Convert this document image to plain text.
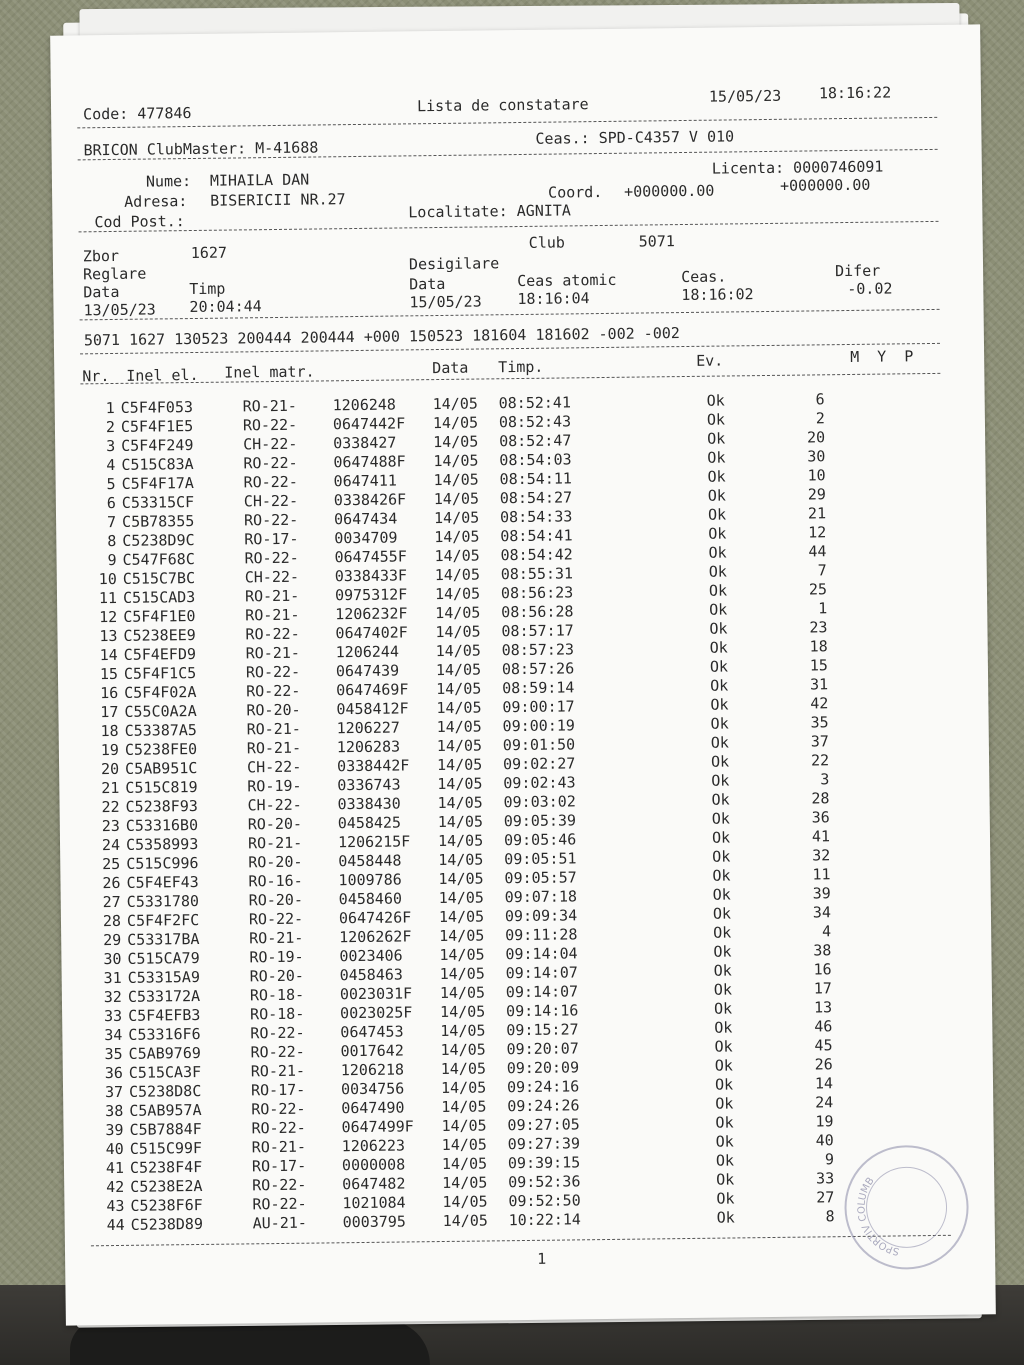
Code: 477846	Lista de constatare	15/05/23	18:16:22
BRICON ClubMaster: M-41688
Ceas.: SPD-C4357 V 010
Nume: MIHAILA DAN
Adresa: BISERICII NR.27
Cod Post.:
Licenta: 0000746091
Coord. +000000.00	+000000.00
Localitate: AGNITA
Zbor	1627
Club	5071
Reglare
Desigilare
Data	Timp	Data	Ceas atomic	Ceas.	Difer
13/05/23 20:04:44	15/05/23 18:16:04	18:16:02	-0.02
5071 1627 130523 200444 200444 +000 150523 181604 181602 -002 -002
Nr. Inel el. Inel matr.	Data Timp.	Ev.	M  Y  P
1 C5F4F053	RO-21- 1206248 14/05 08:52:41	Ok	6
2 C5F4F1E5	RO-22- 0647442F 14/05 08:52:43	Ok	2
3 C5F4F249	CH-22- 0338427 14/05 08:52:47	Ok	20
4 C515C83A	RO-22- 0647488F 14/05 08:54:03	Ok	30
5 C5F4F17A	RO-22- 0647411 14/05 08:54:11	Ok	10
6 C53315CF	CH-22- 0338426F 14/05 08:54:27	Ok	29
7 C5B78355	RO-22- 0647434 14/05 08:54:33	Ok	21
8 C5238D9C	RO-17- 0034709 14/05 08:54:41	Ok	12
9 C547F68C	RO-22- 0647455F 14/05 08:54:42	Ok	44
10 C515C7BC	CH-22- 0338433F 14/05 08:55:31	Ok	7
11 C515CAD3	RO-21- 0975312F 14/05 08:56:23	Ok	25
12 C5F4F1E0	RO-21- 1206232F 14/05 08:56:28	Ok	1
13 C5238EE9	RO-22- 0647402F 14/05 08:57:17	Ok	23
14 C5F4EFD9	RO-21- 1206244 14/05 08:57:23	Ok	18
15 C5F4F1C5	RO-22- 0647439 14/05 08:57:26	Ok	15
16 C5F4F02A	RO-22- 0647469F 14/05 08:59:14	Ok	31
17 C55C0A2A	RO-20- 0458412F 14/05 09:00:17	Ok	42
18 C53387A5	RO-21- 1206227 14/05 09:00:19	Ok	35
19 C5238FE0	RO-21- 1206283 14/05 09:01:50	Ok	37
20 C5AB951C	CH-22- 0338442F 14/05 09:02:27	Ok	22
21 C515C819	RO-19- 0336743 14/05 09:02:43	Ok	3
22 C5238F93	CH-22- 0338430 14/05 09:03:02	Ok	28
23 C53316B0	RO-20- 0458425 14/05 09:05:39	Ok	36
24 C5358993	RO-21- 1206215F 14/05 09:05:46	Ok	41
25 C515C996	RO-20- 0458448 14/05 09:05:51	Ok	32
26 C5F4EF43	RO-16- 1009786 14/05 09:05:57	Ok	11
27 C5331780	RO-20- 0458460 14/05 09:07:18	Ok	39
28 C5F4F2FC	RO-22- 0647426F 14/05 09:09:34	Ok	34
29 C53317BA	RO-21- 1206262F 14/05 09:11:28	Ok	4
30 C515CA79	RO-19- 0023406 14/05 09:14:04	Ok	38
31 C53315A9	RO-20- 0458463 14/05 09:14:07	Ok	16
32 C533172A	RO-18- 0023031F 14/05 09:14:07	Ok	17
33 C5F4EFB3	RO-18- 0023025F 14/05 09:14:16	Ok	13
34 C53316F6	RO-22- 0647453 14/05 09:15:27	Ok	46
35 C5AB9769	RO-22- 0017642 14/05 09:20:07	Ok	45
36 C515CA3F	RO-21- 1206218 14/05 09:20:09	Ok	26
37 C5238D8C	RO-17- 0034756 14/05 09:24:16	Ok	14
38 C5AB957A	RO-22- 0647490 14/05 09:24:26	Ok	24
39 C5B7884F	RO-22- 0647499F 14/05 09:27:05	Ok	19
40 C515C99F	RO-21- 1206223 14/05 09:27:39	Ok	40
41 C5238F4F	RO-17- 0000008 14/05 09:39:15	Ok	9
42 C5238E2A	RO-22- 0647482 14/05 09:52:36	Ok	33
43 C5238F6F	RO-22- 1021084 14/05 09:52:50	Ok	27
44 C5238D89	AU-21- 0003795 14/05 10:22:14	Ok	8
1	SPORTIV COLUMB
